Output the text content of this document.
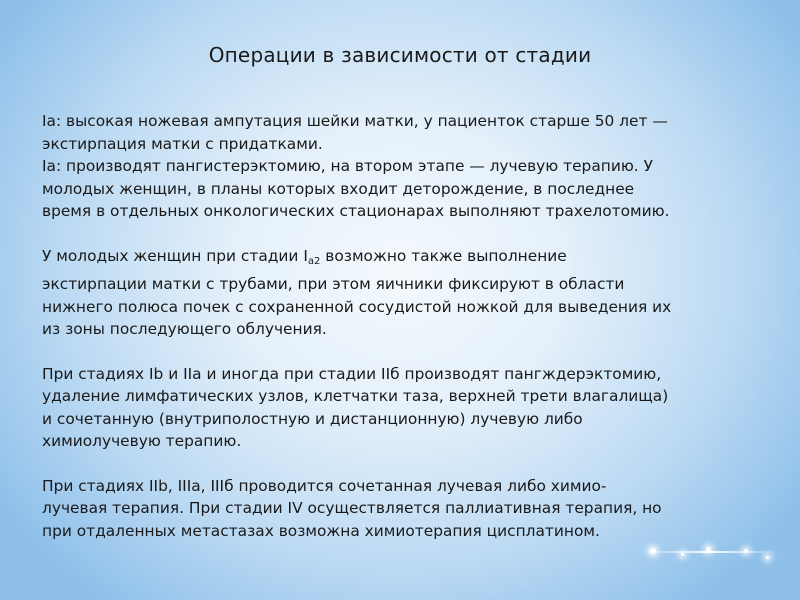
Операции в зависимости от стадии

Ia: высокая ножевая ампутация шейки матки, у пациенток старше 50 лет —
экстирпация матки с придатками.
Ia: производят пангистерэктомию, на втором этапе — лучевую терапию. У
молодых женщин, в планы которых входит деторождение, в последнее
время в отдельных онкологических стационарах выполняют трахелотомию.

У молодых женщин при стадии $I_{а2}$ возможно также выполнение
экстирпации матки с трубами, при этом яичники фиксируют в области
нижнего полюса почек с сохраненной сосудистой ножкой для выведения их
из зоны последующего облучения.

При стадиях Ib и IIa и иногда при стадии IIб производят пангждерэктомию,
удаление лимфатических узлов, клетчатки таза, верхней трети влагалища)
и сочетанную (внутриполостную и дистанционную) лучевую либо
химиолучевую терапию.

При стадиях IIb, IIIa, IIIб проводится сочетанная лучевая либо химио-
лучевая терапия. При стадии IV осуществляется паллиативная терапия, но
при отдаленных метастазах возможна химиотерапия цисплатином.
